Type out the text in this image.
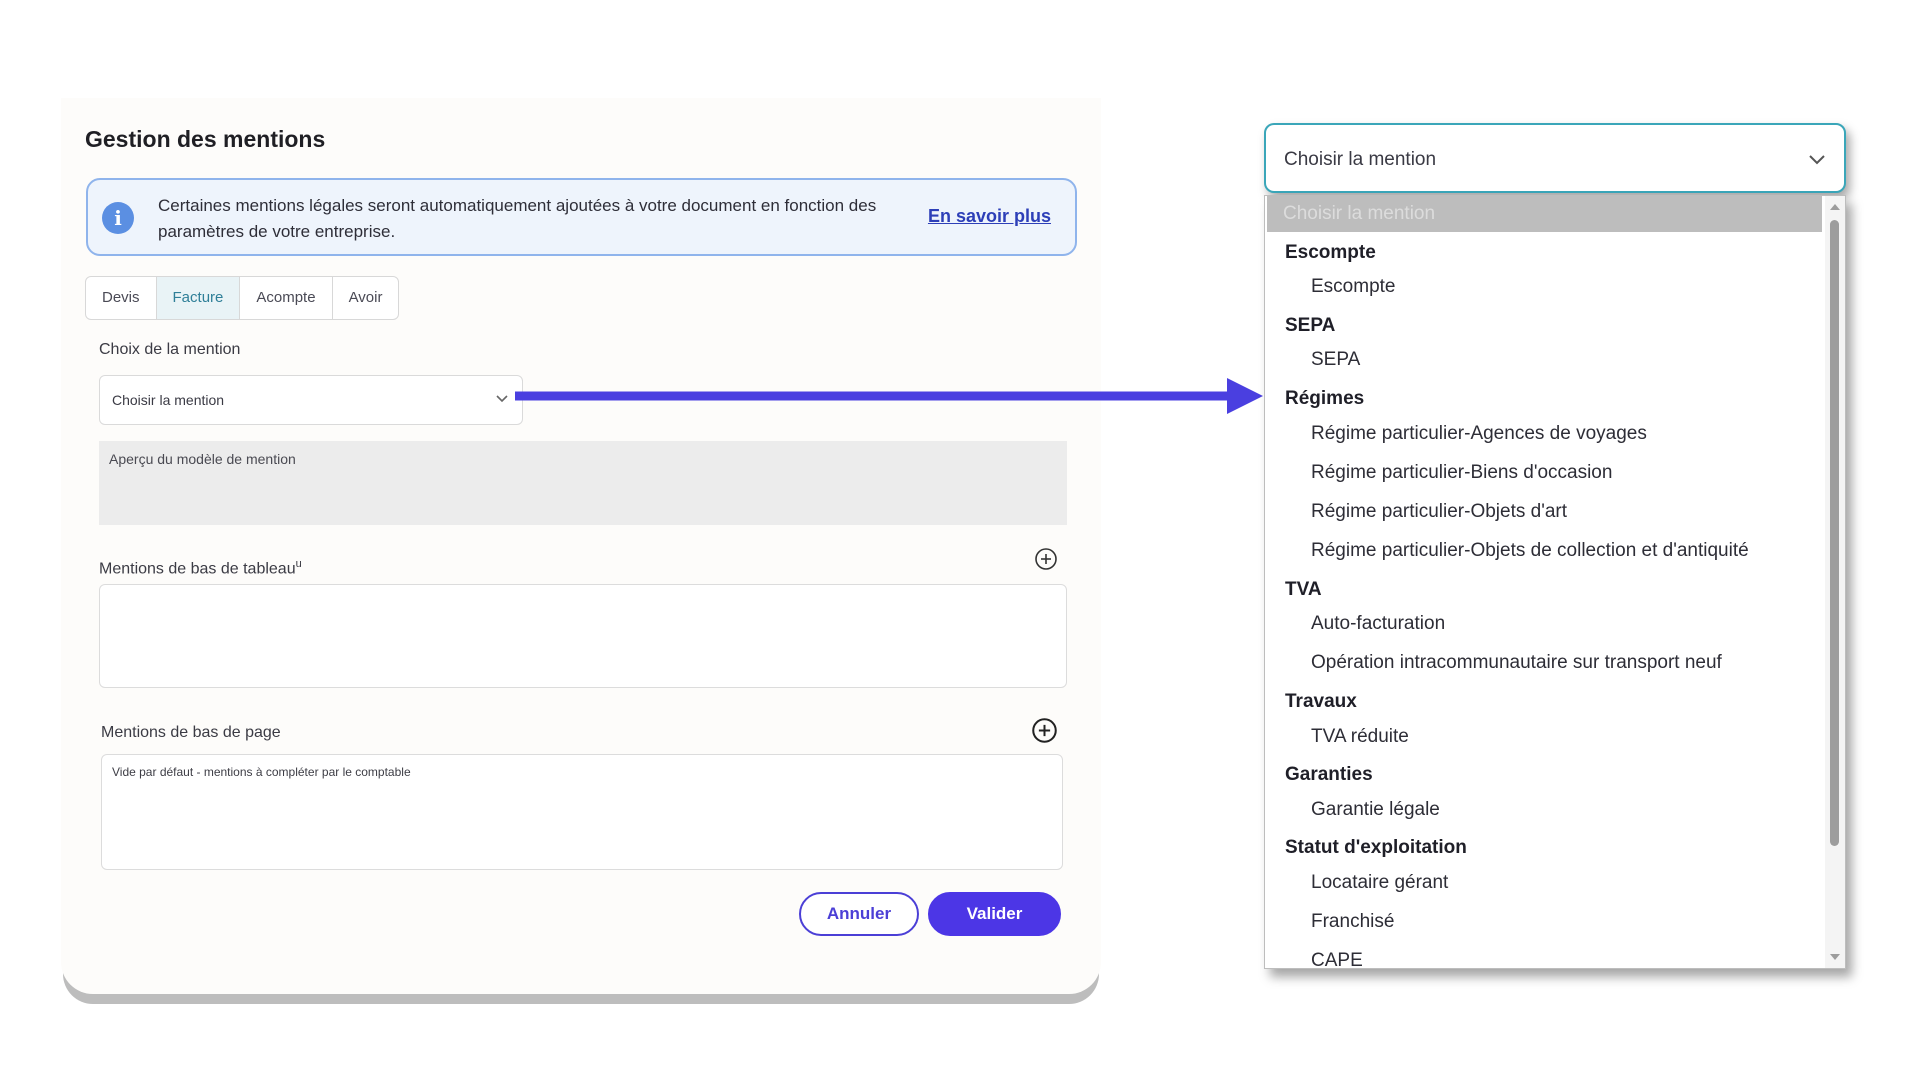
Gestion des mentions
i
Certaines mentions légales seront automatiquement ajoutées à votre document en fonction des paramètres de votre entreprise.
En savoir plus
Devis	Facture	Acompte	Avoir
Choix de la mention
Choisir la mention
Aperçu du modèle de mention
Mentions de bas de tableau$^u$
Mentions de bas de page
Vide par défaut - mentions à compléter par le comptable
Annuler	Valider
Choisir la mention
Choisir la mention
Escompte
Escompte
SEPA
SEPA
Régimes
Régime particulier-Agences de voyages
Régime particulier-Biens d'occasion
Régime particulier-Objets d'art
Régime particulier-Objets de collection et d'antiquité
TVA
Auto-facturation
Opération intracommunautaire sur transport neuf
Travaux
TVA réduite
Garanties
Garantie légale
Statut d'exploitation
Locataire gérant
Franchisé
CAPE
